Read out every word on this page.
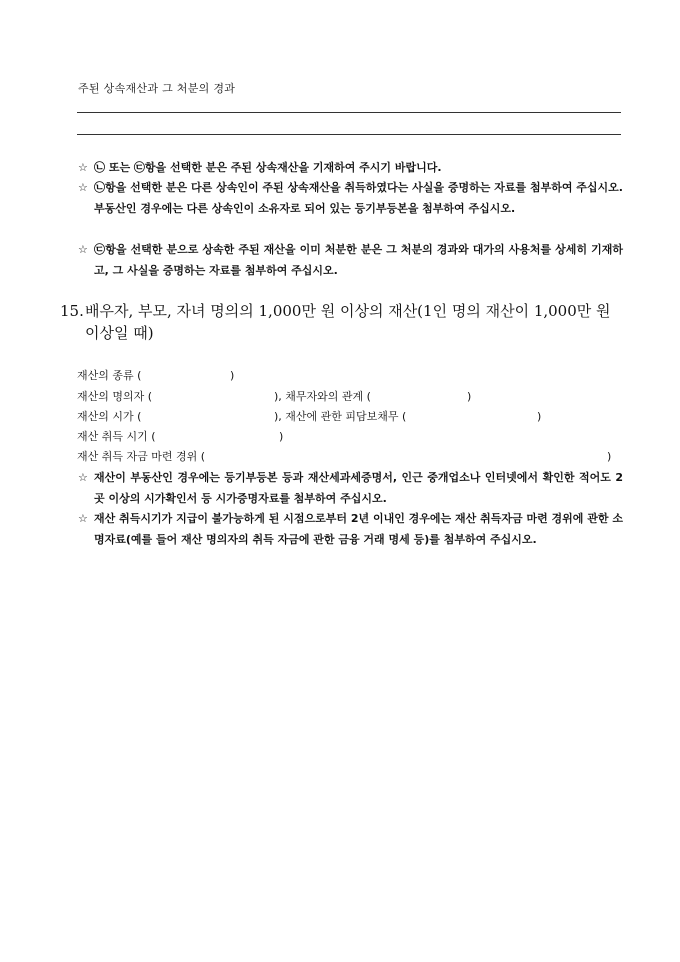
주된 상속재산과 그 처분의 경과
☆ ㉡ 또는 ㉢항을 선택한 분은 주된 상속재산을 기재하여 주시기 바랍니다.
☆ ㉡항을 선택한 분은 다른 상속인이 주된 상속재산을 취득하였다는 사실을 증명하는 자료를 첨부하여 주십시오. 부동산인 경우에는 다른 상속인이 소유자로 되어 있는 등기부등본을 첨부하여 주십시오.
☆ ㉢항을 선택한 분으로 상속한 주된 재산을 이미 처분한 분은 그 처분의 경과와 대가의 사용처를 상세히 기재하고, 그 사실을 증명하는 자료를 첨부하여 주십시오.
15. 배우자, 부모, 자녀 명의의 1,000만 원 이상의 재산(1인 명의 재산이 1,000만 원 이상일 때)
재산의 종류 (	)
재산의 명의자 (	), 채무자와의 관계 (	)
재산의 시가 (	), 재산에 관한 피담보채무 (	)
재산 취득 시기 (	)
재산 취득 자금 마련 경위 (	)
☆ 재산이 부동산인 경우에는 등기부등본 등과 재산세과세증명서, 인근 중개업소나 인터넷에서 확인한 적어도 2곳 이상의 시가확인서 등 시가증명자료를 첨부하여 주십시오.
☆ 재산 취득시기가 지급이 불가능하게 된 시점으로부터 2년 이내인 경우에는 재산 취득자금 마련 경위에 관한 소명자료(예를 들어 재산 명의자의 취득 자금에 관한 금융 거래 명세 등)를 첨부하여 주십시오.
